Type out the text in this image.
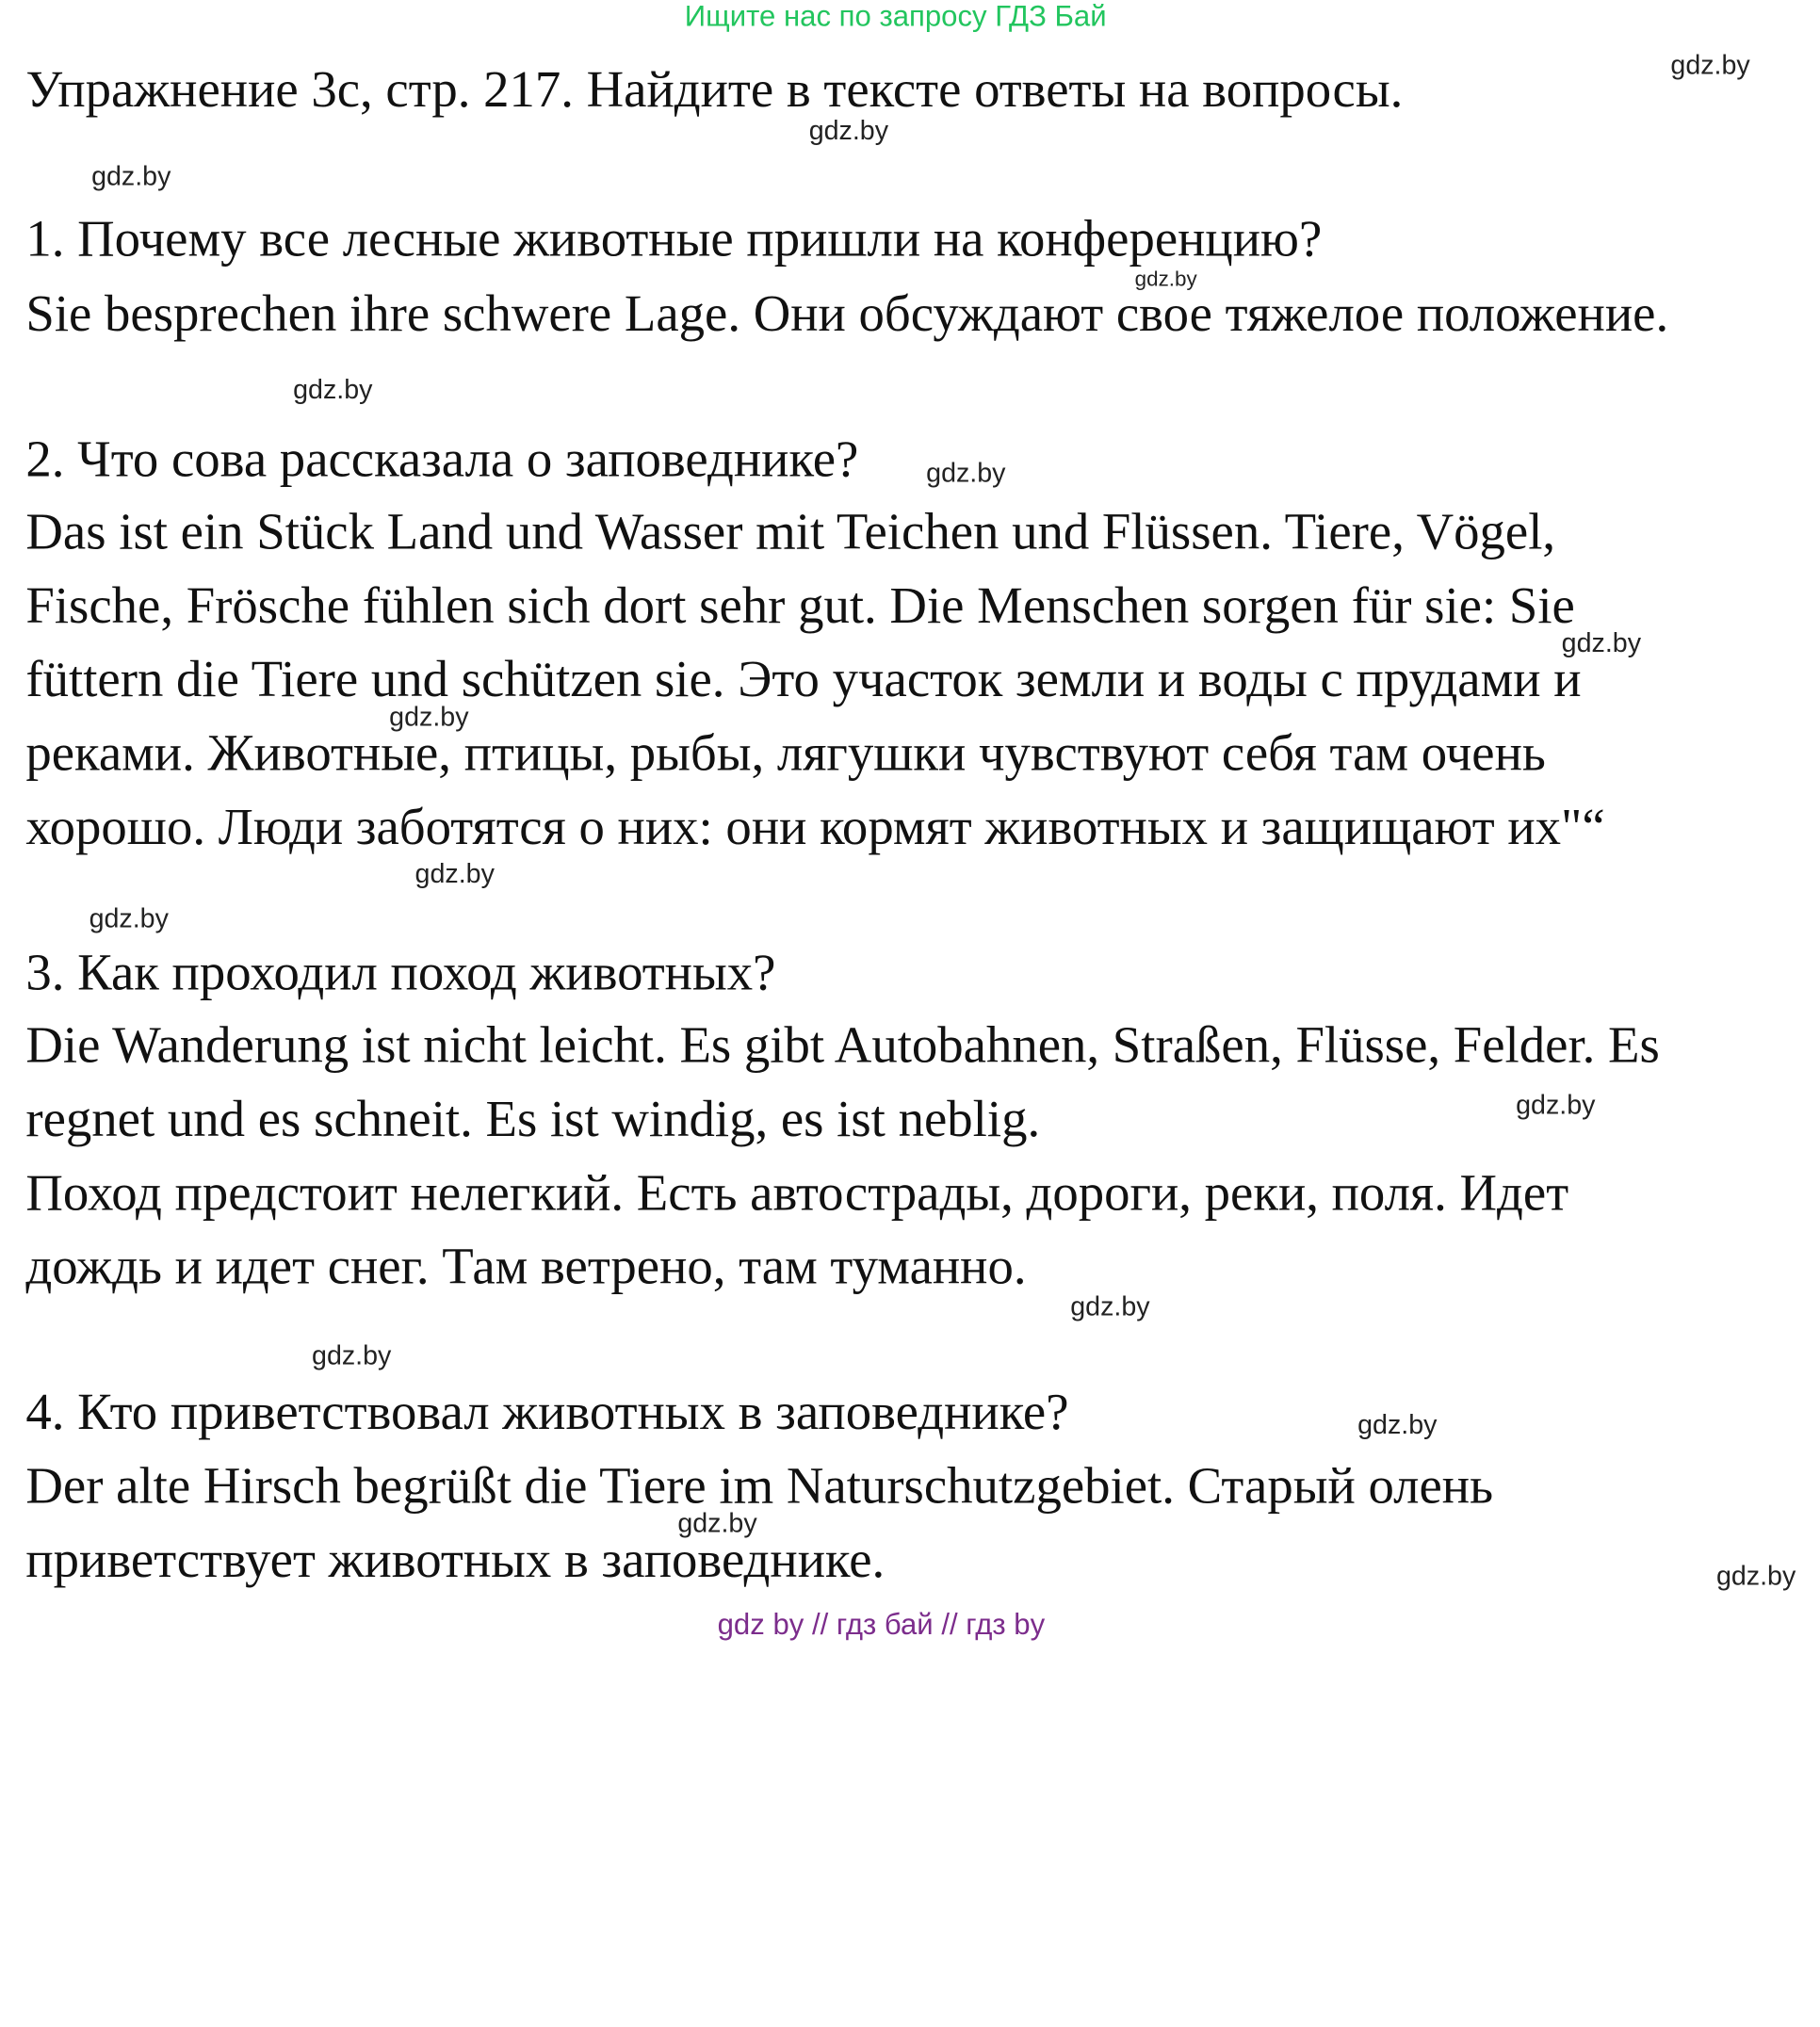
Ищите нас по запросу ГДЗ Бай
Упражнение 3с, стр. 217. Найдите в тексте ответы на вопросы.
1. Почему все лесные животные пришли на конференцию?
Sie besprechen ihre schwere Lage. Они обсуждают свое тяжелое положение.
2. Что сова рассказала о заповеднике?
Das ist ein Stück Land und Wasser mit Teichen und Flüssen. Tiere, Vögel,
Fische, Frösche fühlen sich dort sehr gut. Die Menschen sorgen für sie: Sie
füttern die Tiere und schützen sie. Это участок земли и воды с прудами и
реками. Животные, птицы, рыбы, лягушки чувствуют себя там очень
хорошо. Люди заботятся о них: они кормят животных и защищают их"“
3. Как проходил поход животных?
Die Wanderung ist nicht leicht. Es gibt Autobahnen, Straßen, Flüsse, Felder. Es
regnet und es schneit. Es ist windig, es ist neblig.
Поход предстоит нелегкий. Есть автострады, дороги, реки, поля. Идет
дождь и идет снег. Там ветрено, там туманно.
4. Кто приветствовал животных в заповеднике?
Der alte Hirsch begrüßt die Tiere im Naturschutzgebiet. Старый олень
приветствует животных в заповеднике.
gdz.by
gdz.by
gdz.by
gdz.by
gdz.by
gdz.by
gdz.by
gdz.by
gdz.by
gdz.by
gdz.by
gdz.by
gdz.by
gdz.by
gdz.by
gdz.by
gdz by // гдз бай // гдз by
